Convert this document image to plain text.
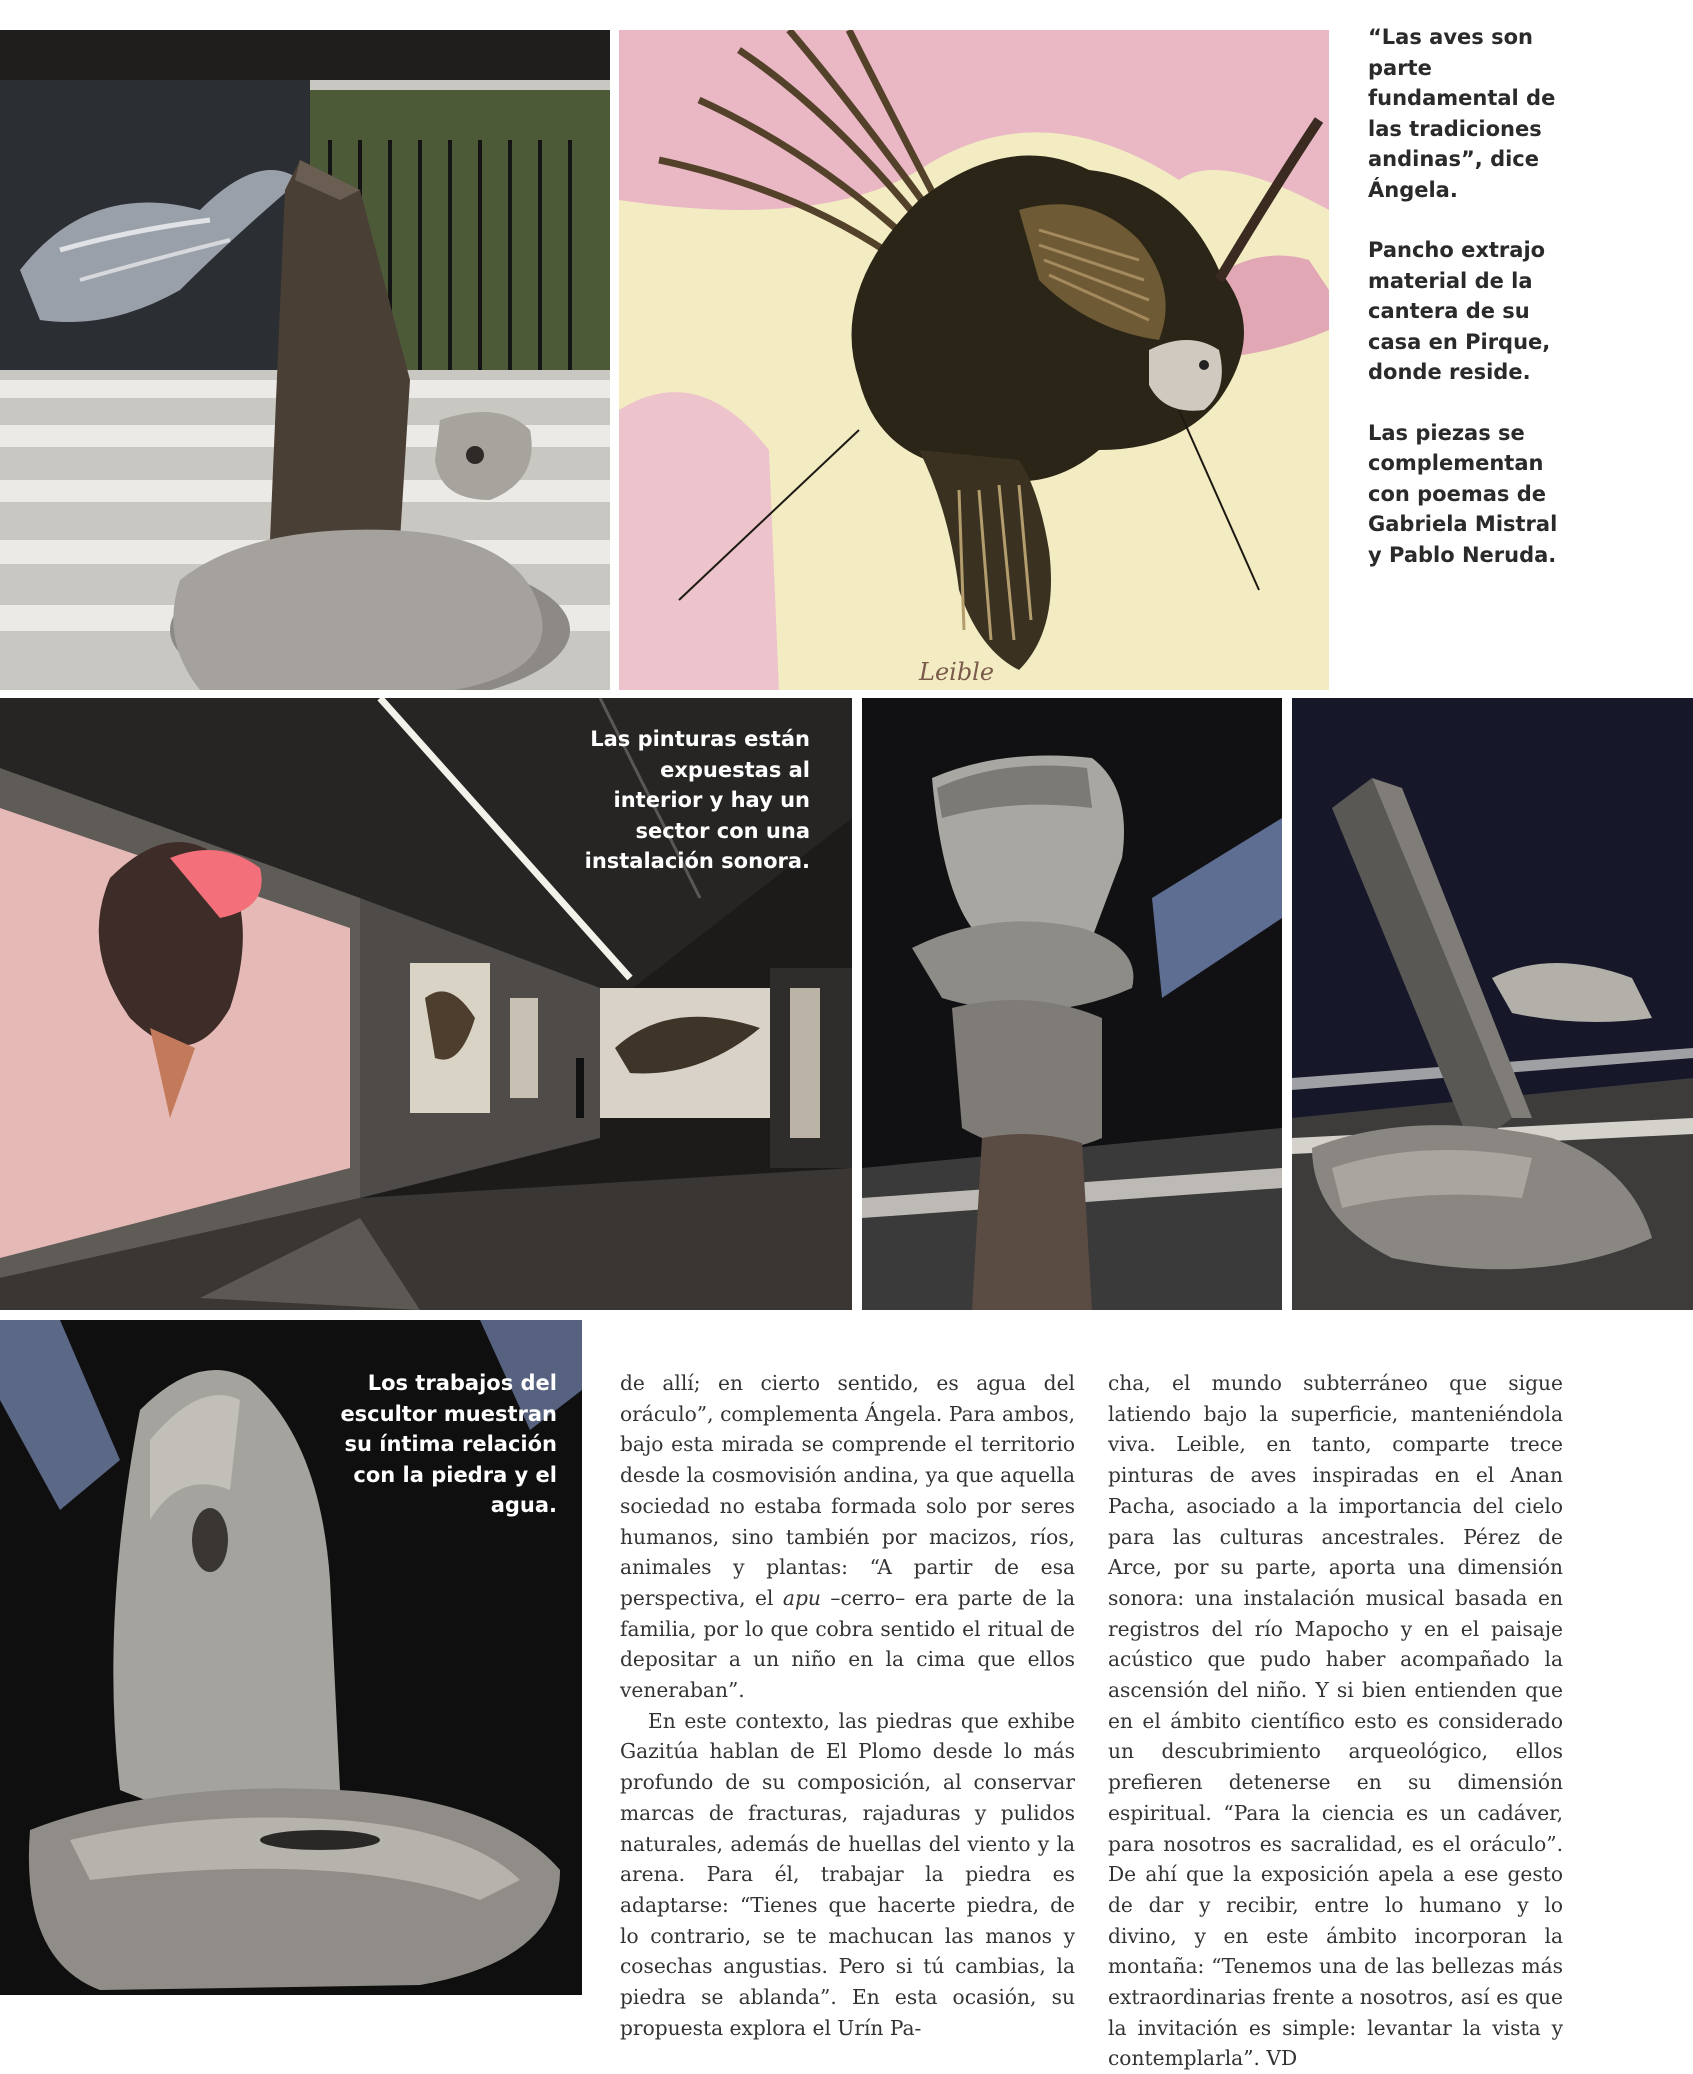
Leible

“Las aves son parte fundamental de las tradiciones andinas”, dice Ángela.

Pancho extrajo material de la cantera de su casa en Pirque, donde reside.

Las piezas se complementan con poemas de Gabriela Mistral y Pablo Neruda.

Las pinturas están expuestas al interior y hay un sector con una instalación sonora.
Los trabajos del escultor muestran su íntima relación con la piedra y el agua.

de allí; en cierto sentido, es agua del oráculo”, complementa Ángela. Para ambos, bajo esta mirada se comprende el territorio desde la cosmovisión andina, ya que aquella sociedad no estaba formada solo por seres humanos, sino también por macizos, ríos, animales y plantas: “A partir de esa perspectiva, el apu –cerro– era parte de la familia, por lo que cobra sentido el ritual de depositar a un niño en la cima que ellos veneraban”.

En este contexto, las piedras que exhibe Gazitúa hablan de El Plomo desde lo más profundo de su composición, al conservar marcas de fracturas, rajaduras y pulidos naturales, además de huellas del viento y la arena. Para él, trabajar la piedra es adaptarse: “Tienes que hacerte piedra, de lo contrario, se te machucan las manos y cosechas angustias. Pero si tú cambias, la piedra se ablanda”. En esta ocasión, su propuesta explora el Urín Pa-

cha, el mundo subterráneo que sigue latiendo bajo la superficie, manteniéndola viva. Leible, en tanto, comparte trece pinturas de aves inspiradas en el Anan Pacha, asociado a la importancia del cielo para las culturas ancestrales. Pérez de Arce, por su parte, aporta una dimensión sonora: una instalación musical basada en registros del río Mapocho y en el paisaje acústico que pudo haber acompañado la ascensión del niño. Y si bien entienden que en el ámbito científico esto es considerado un descubrimiento arqueológico, ellos prefieren detenerse en su dimensión espiritual. “Para la ciencia es un cadáver, para nosotros es sacralidad, es el oráculo”. De ahí que la exposición apela a ese gesto de dar y recibir, entre lo humano y lo divino, y en este ámbito incorporan la montaña: “Tenemos una de las bellezas más extraordinarias frente a nosotros, así es que la invitación es simple: levantar la vista y contemplarla”. VD
